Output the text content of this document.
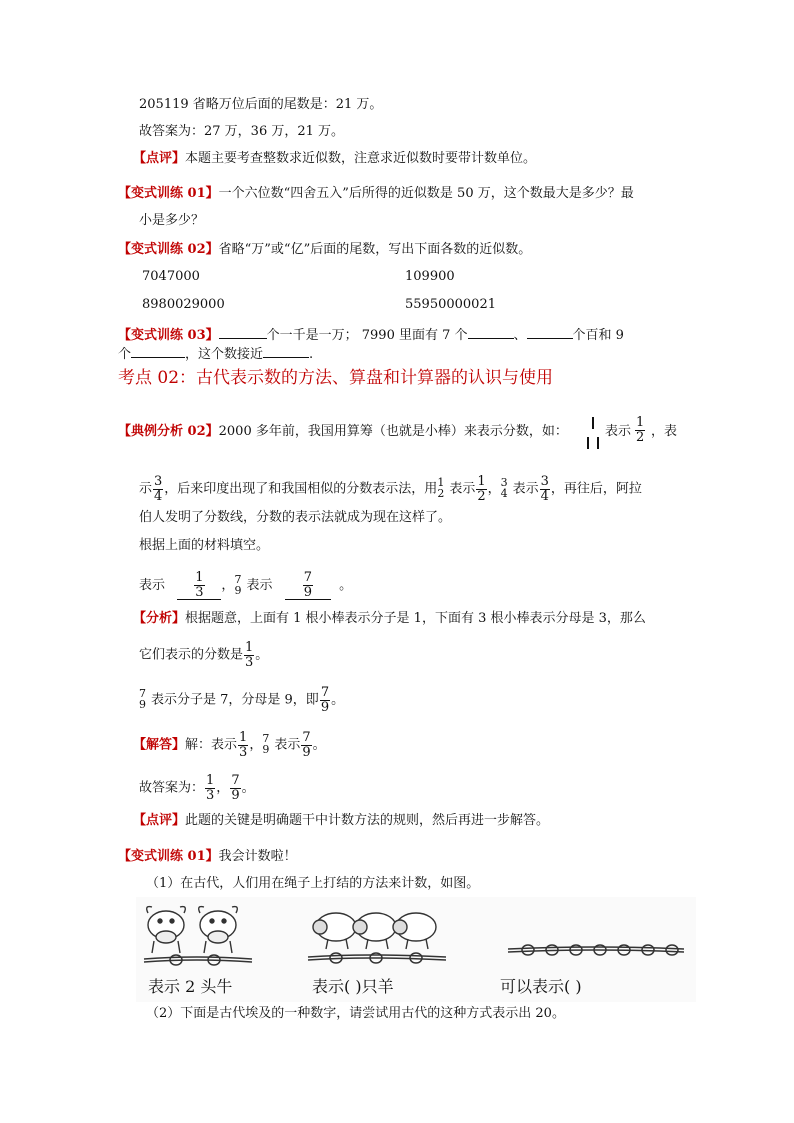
205119 省略万位后面的尾数是：21 万。
故答案为：27 万，36 万，21 万。
【点评】本题主要考查整数求近似数，注意求近似数时要带计数单位。
【变式训练 01】一个六位数“四舍五入”后所得的近似数是 50 万，这个数最大是多少？最
小是多少？
【变式训练 02】省略“万”或“亿”后面的尾数，写出下面各数的近似数。
7047000	109900
8980029000	55950000021
【变式训练 03】	个一千是一万； 7990 里面有 7 个	、	个百和 9
个	，这个数接近	.
考点 02：古代表示数的方法、算盘和计算器的认识与使用
【典例分析 02】2000 多年前，我国用算筹（也就是小棒）来表示分数，如：	表示 $\frac{1}{2}$ ，表
示 $\frac{3}{4}$ ，后来印度出现了和我国相似的分数表示法，用 1
2 表示 $\frac{1}{2}$ ， 3
4 表示 $\frac{3}{4}$ ，再往后，阿拉
伯人发明了分数线，分数的表示法就成为现在这样了。
根据上面的材料填空。
表示 $\frac{1}{3}$ ， 7
9 表示 $\frac{7}{9}$ 。
【分析】根据题意，上面有 1 根小棒表示分子是 1，下面有 3 根小棒表示分母是 3，那么
它们表示的分数是 $\frac{1}{3}$ 。
7
9 表示分子是 7，分母是 9，即 $\frac{7}{9}$ 。
【解答】解：表示 $\frac{1}{3}$ ， 7
9 表示 $\frac{7}{9}$ 。
故答案为： $\frac{1}{3}$ ， $\frac{7}{9}$ 。
【点评】此题的关键是明确题干中计数方法的规则，然后再进一步解答。
【变式训练 01】我会计数啦！
（1）在古代，人们用在绳子上打结的方法来计数，如图。
表示 2 头牛	表示( )只羊	可以表示( )
（2）下面是古代埃及的一种数字，请尝试用古代的这种方式表示出 20。
